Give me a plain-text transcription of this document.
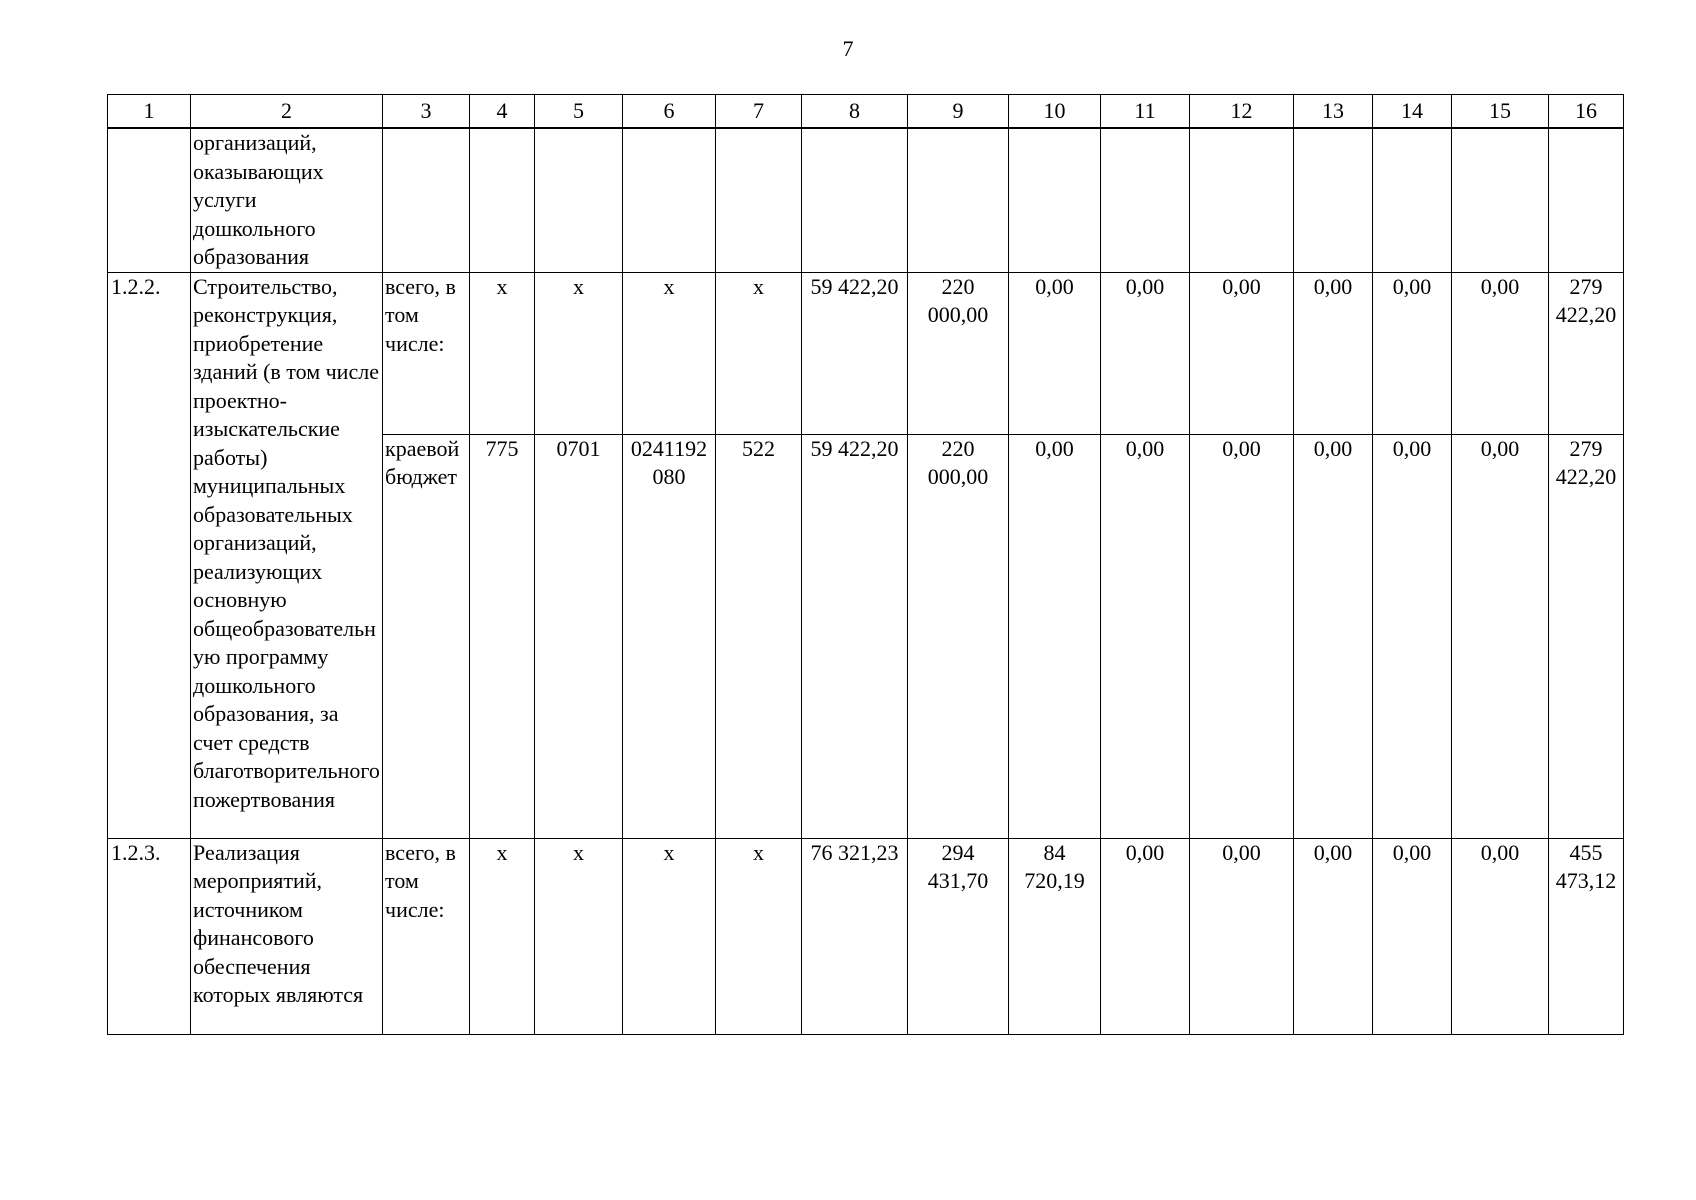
7
1	2	3	4	5	6	7	8	9	10	11	12	13	14	15	16
	организаций, оказывающих услуги дошкольного образования														
1.2.2.	Строительство, реконструкция, приобретение зданий (в том числе проектно-изыскательские работы) муниципальных образовательных организаций, реализующих основную общеобразовательную программу дошкольного образования, за счет средств благотворительного пожертвования	всего, в том числе:	х	х	х	х	59 422,20	220 000,00	0,00	0,00	0,00	0,00	0,00	0,00	279 422,20
		краевой бюджет	775	0701	0241192080	522	59 422,20	220 000,00	0,00	0,00	0,00	0,00	0,00	0,00	279 422,20
1.2.3.	Реализация мероприятий, источником финансового обеспечения которых являются	всего, в том числе:	х	х	х	х	76 321,23	294 431,70	84 720,19	0,00	0,00	0,00	0,00	0,00	455 473,12
